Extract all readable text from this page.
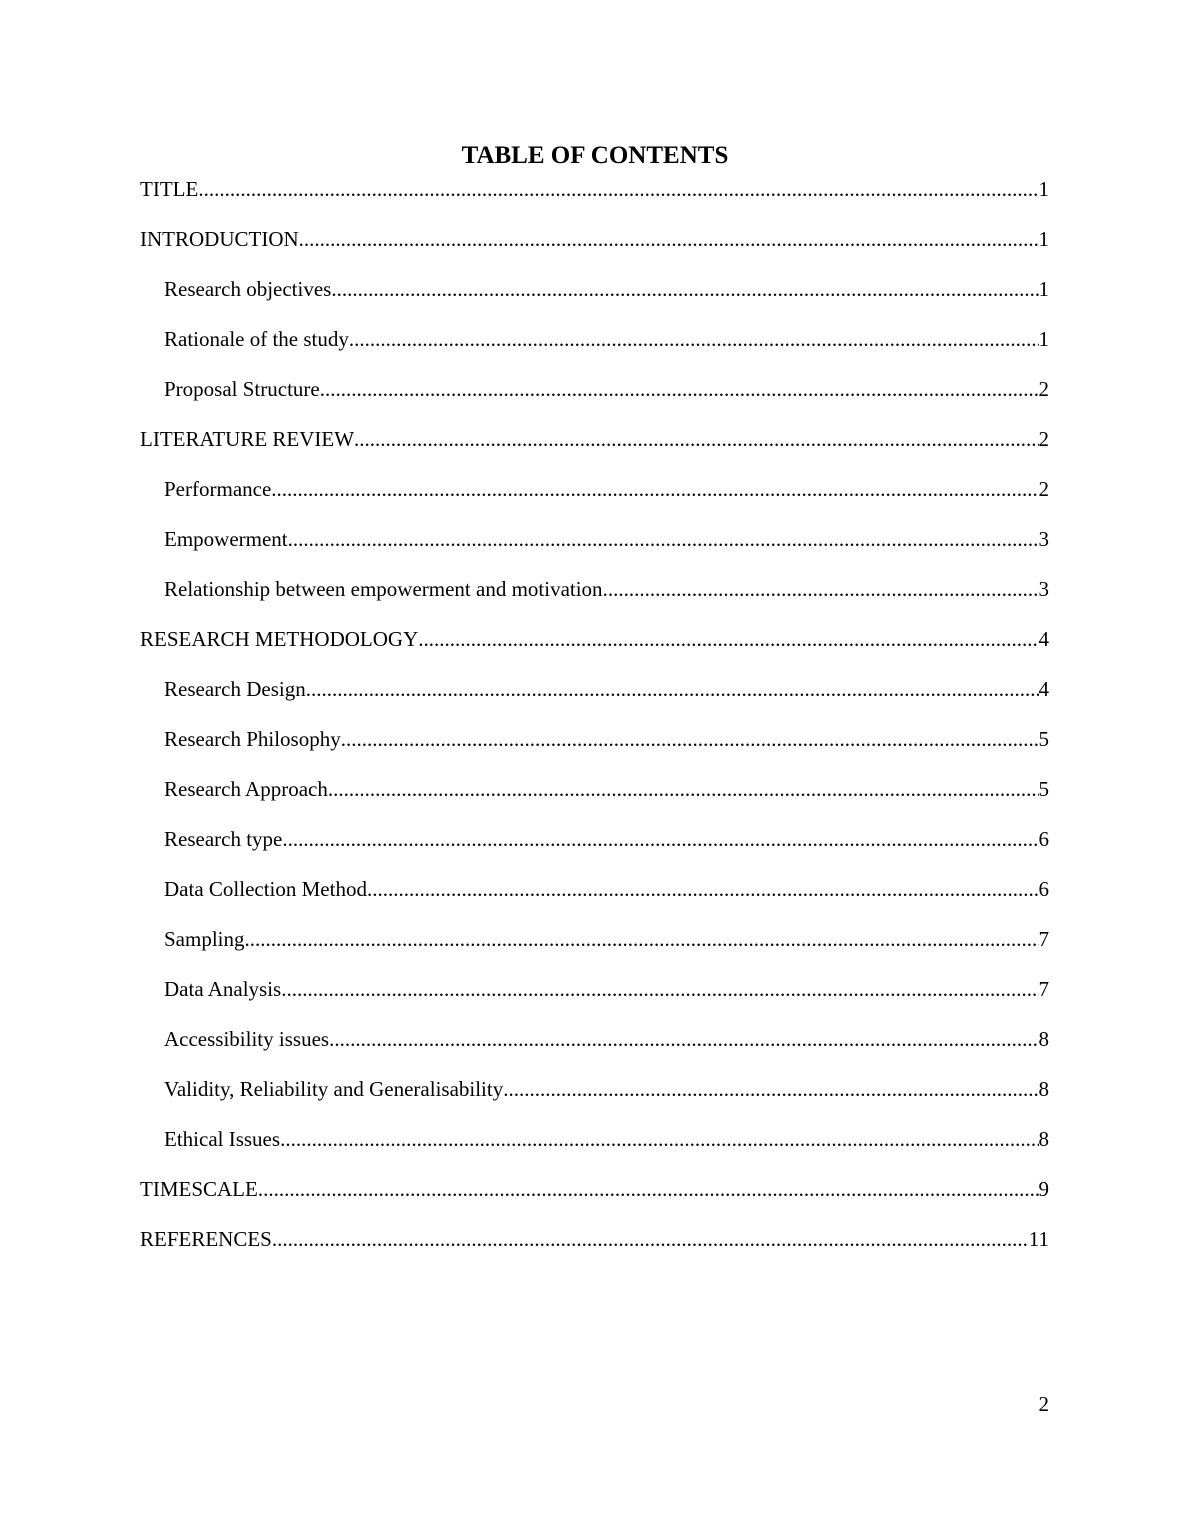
TABLE OF CONTENTS
TITLE .....	1
INTRODUCTION .....	1
Research objectives .....	1
Rationale of the study .....	1
Proposal Structure .....	2
LITERATURE REVIEW .....	2
Performance .....	2
Empowerment .....	3
Relationship between empowerment and motivation .....	3
RESEARCH METHODOLOGY .....	4
Research Design .....	4
Research Philosophy .....	5
Research Approach .....	5
Research type .....	6
Data Collection Method .....	6
Sampling .....	7
Data Analysis .....	7
Accessibility issues .....	8
Validity, Reliability and Generalisability .....	8
Ethical Issues .....	8
TIMESCALE .....	9
REFERENCES .....	11
2
